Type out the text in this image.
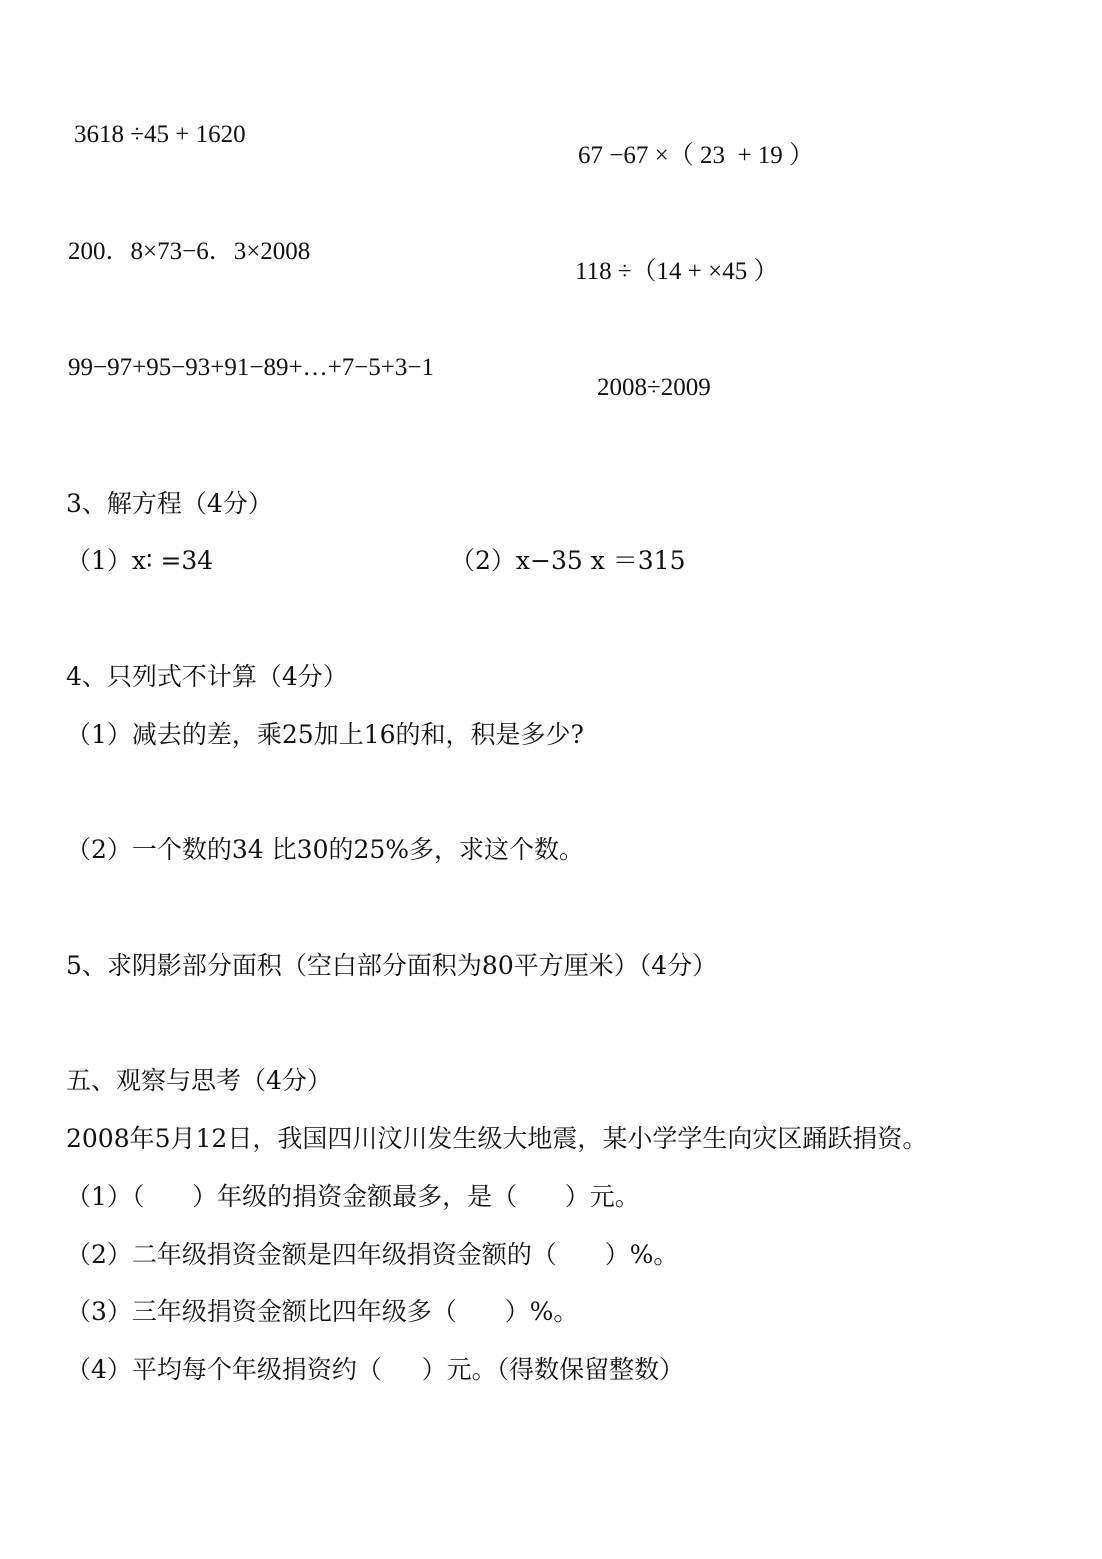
3618 ÷45 + 1620
67 −67 ×（ 23  + 19 ）
200．8×73−6．3×2008
118 ÷（14 + ×45 ）
99−97+95−93+91−89+…+7−5+3−1
2008÷2009
3、解方程（4分）
（1）x∶ =34	（2）x−35 x ＝315
4、只列式不计算（4分）
（1）减去的差，乘25加上16的和，积是多少?
（2）一个数的34 比30的25%多，求这个数。
5、求阴影部分面积（空白部分面积为80平方厘米）（4分）
五、观察与思考（4分）
2008年5月12日，我国四川汶川发生级大地震，某小学学生向灾区踊跃捐资。
（1）（      ）年级的捐资金额最多，是（      ）元。
（2）二年级捐资金额是四年级捐资金额的（      ）%。
（3）三年级捐资金额比四年级多（      ）%。
（4）平均每个年级捐资约（     ）元。（得数保留整数）
